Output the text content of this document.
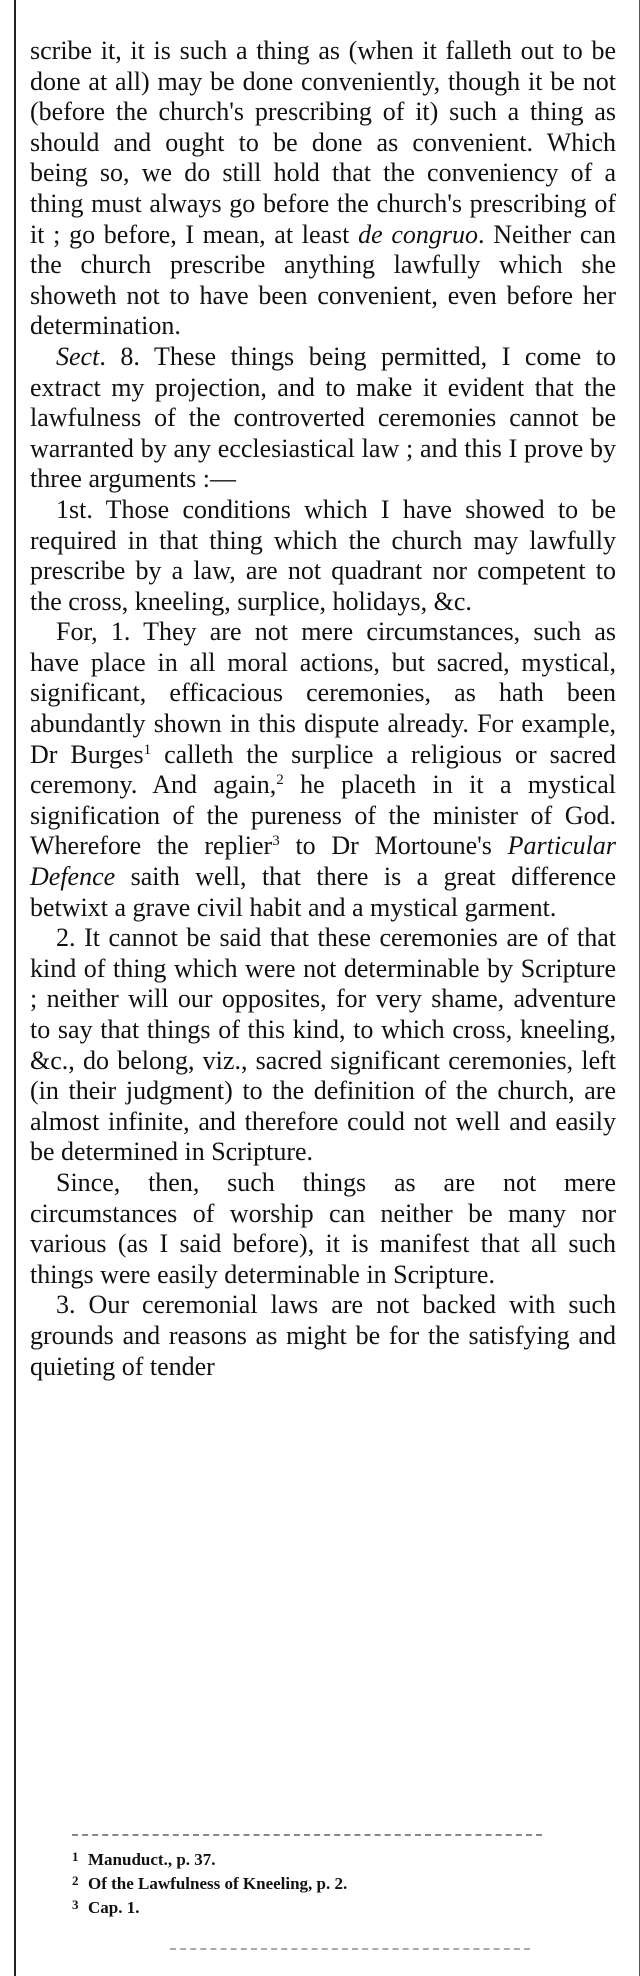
scribe it, it is such a thing as (when it falleth out to be done at all) may be done conveniently, though it be not (before the church's prescribing of it) such a thing as should and ought to be done as convenient. Which being so, we do still hold that the conveniency of a thing must always go before the church's prescribing of it ; go before, I mean, at least de congruo. Neither can the church prescribe anything lawfully which she showeth not to have been convenient, even before her determination.

Sect. 8. These things being permitted, I come to extract my projection, and to make it evident that the lawfulness of the controverted ceremonies cannot be warranted by any ecclesiastical law ; and this I prove by three arguments :—

1st. Those conditions which I have showed to be required in that thing which the church may lawfully prescribe by a law, are not quadrant nor competent to the cross, kneeling, surplice, holidays, &c.

For, 1. They are not mere circumstances, such as have place in all moral actions, but sacred, mystical, significant, efficacious ceremonies, as hath been abundantly shown in this dispute already. For example, Dr Burges$^1$ calleth the surplice a religious or sacred ceremony. And again,$^2$ he placeth in it a mystical signification of the pureness of the minister of God. Wherefore the replier$^3$ to Dr Mortoune's Particular Defence saith well, that there is a great difference betwixt a grave civil habit and a mystical garment.

2. It cannot be said that these ceremonies are of that kind of thing which were not determinable by Scripture ; neither will our opposites, for very shame, adventure to say that things of this kind, to which cross, kneeling, &c., do belong, viz., sacred significant ceremonies, left (in their judgment) to the definition of the church, are almost infinite, and therefore could not well and easily be determined in Scripture.

Since, then, such things as are not mere circumstances of worship can neither be many nor various (as I said before), it is manifest that all such things were easily determinable in Scripture.

3. Our ceremonial laws are not backed with such grounds and reasons as might be for the satisfying and quieting of tender

1 Manuduct., p. 37.
2 Of the Lawfulness of Kneeling, p. 2.
3 Cap. 1.
